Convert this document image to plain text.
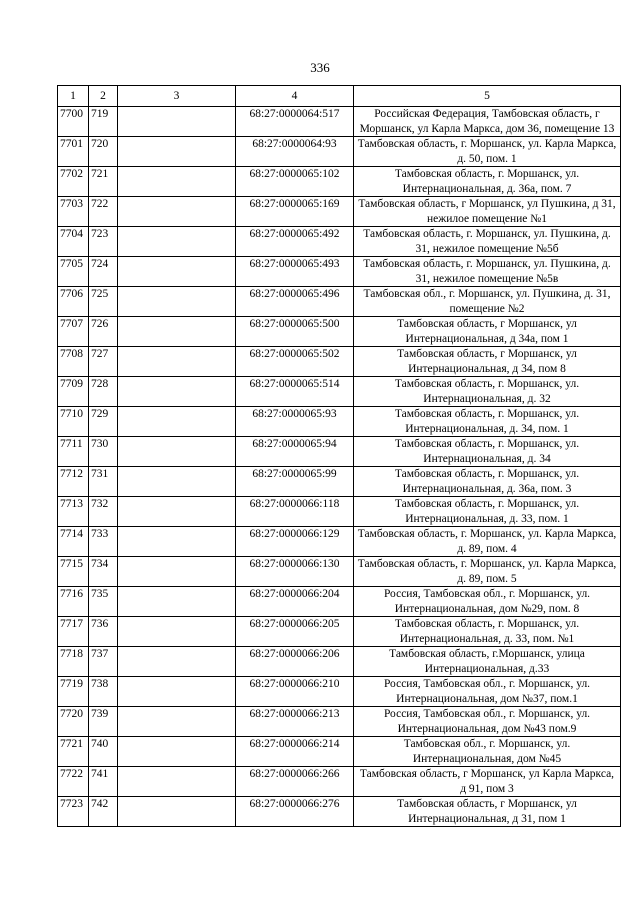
336
1	2	3	4	5
7700	719		68:27:0000064:517	Российская Федерация, Тамбовская область, г Моршанск, ул Карла Маркса, дом 36, помещение 13
7701	720		68:27:0000064:93	Тамбовская область, г. Моршанск, ул. Карла Маркса, д. 50, пом. 1
7702	721		68:27:0000065:102	Тамбовская область, г. Моршанск, ул. Интернациональная, д. 36а, пом. 7
7703	722		68:27:0000065:169	Тамбовская область, г Моршанск, ул Пушкина, д 31, нежилое помещение №1
7704	723		68:27:0000065:492	Тамбовская область, г. Моршанск, ул. Пушкина, д. 31, нежилое помещение №5б
7705	724		68:27:0000065:493	Тамбовская область, г. Моршанск, ул. Пушкина, д. 31, нежилое помещение №5в
7706	725		68:27:0000065:496	Тамбовская обл., г. Моршанск, ул. Пушкина, д. 31, помещение №2
7707	726		68:27:0000065:500	Тамбовская область, г Моршанск, ул Интернациональная, д 34а, пом 1
7708	727		68:27:0000065:502	Тамбовская область, г Моршанск, ул Интернациональная, д 34, пом 8
7709	728		68:27:0000065:514	Тамбовская область, г. Моршанск, ул. Интернациональная, д. 32
7710	729		68:27:0000065:93	Тамбовская область, г. Моршанск, ул. Интернациональная, д. 34, пом. 1
7711	730		68:27:0000065:94	Тамбовская область, г. Моршанск, ул. Интернациональная, д. 34
7712	731		68:27:0000065:99	Тамбовская область, г. Моршанск, ул. Интернациональная, д. 36а, пом. 3
7713	732		68:27:0000066:118	Тамбовская область, г. Моршанск, ул. Интернациональная, д. 33, пом. 1
7714	733		68:27:0000066:129	Тамбовская область, г. Моршанск, ул. Карла Маркса, д. 89, пом. 4
7715	734		68:27:0000066:130	Тамбовская область, г. Моршанск, ул. Карла Маркса, д. 89, пом. 5
7716	735		68:27:0000066:204	Россия, Тамбовская обл., г. Моршанск, ул. Интернациональная, дом №29, пом. 8
7717	736		68:27:0000066:205	Тамбовская область, г. Моршанск, ул. Интернациональная, д. 33, пом. №1
7718	737		68:27:0000066:206	Тамбовская область, г.Моршанск, улица Интернациональная, д.33
7719	738		68:27:0000066:210	Россия, Тамбовская обл., г. Моршанск, ул. Интернациональная, дом №37, пом.1
7720	739		68:27:0000066:213	Россия, Тамбовская обл., г. Моршанск, ул. Интернациональная, дом №43 пом.9
7721	740		68:27:0000066:214	Тамбовская обл., г. Моршанск, ул. Интернациональная, дом №45
7722	741		68:27:0000066:266	Тамбовская область, г Моршанск, ул Карла Маркса, д 91, пом 3
7723	742		68:27:0000066:276	Тамбовская область, г Моршанск, ул Интернациональная, д 31, пом 1
